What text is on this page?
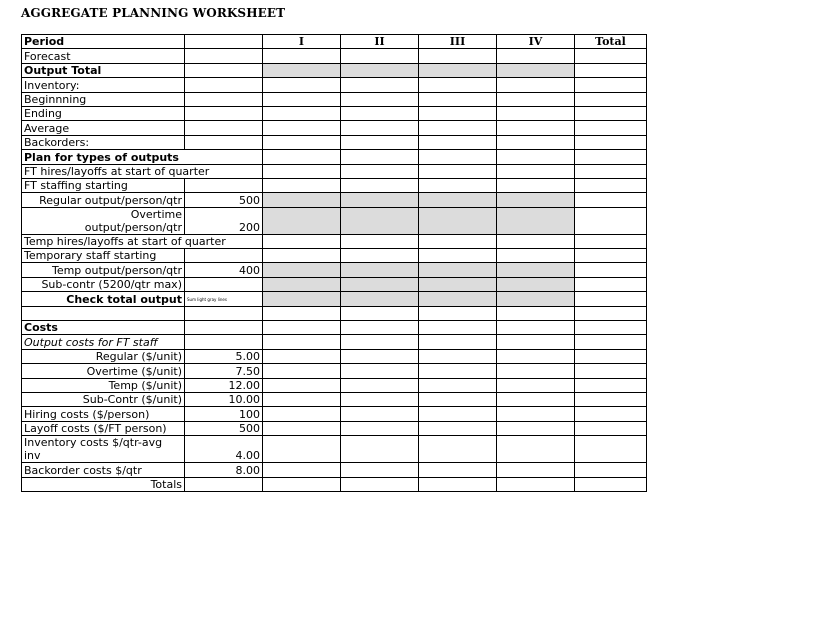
AGGREGATE PLANNING WORKSHEET
Period		I	II	III	IV	Total
Forecast						
Output Total						
Inventory:						
Beginnning						
Ending						
Average						
Backorders:						
Plan for types of outputs						
FT hires/layoffs at start of quarter						
FT staffing starting						
Regular output/person/qtr	500					

Overtime
output/person/qtr	200					
Temp hires/layoffs at start of quarter						
Temporary staff starting						
Temp output/person/qtr	400					
Sub-contr (5200/qtr max)						
Check total output	Sum light gray lines					

Costs						
Output costs for FT staff						
Regular ($/unit)	5.00					
Overtime ($/unit)	7.50					
Temp ($/unit)	12.00					
Sub-Contr ($/unit)	10.00					
Hiring costs ($/person)	100					
Layoff costs ($/FT person)	500					

Inventory costs $/qtr-avg
inv	4.00					
Backorder costs $/qtr	8.00					
Totals						
